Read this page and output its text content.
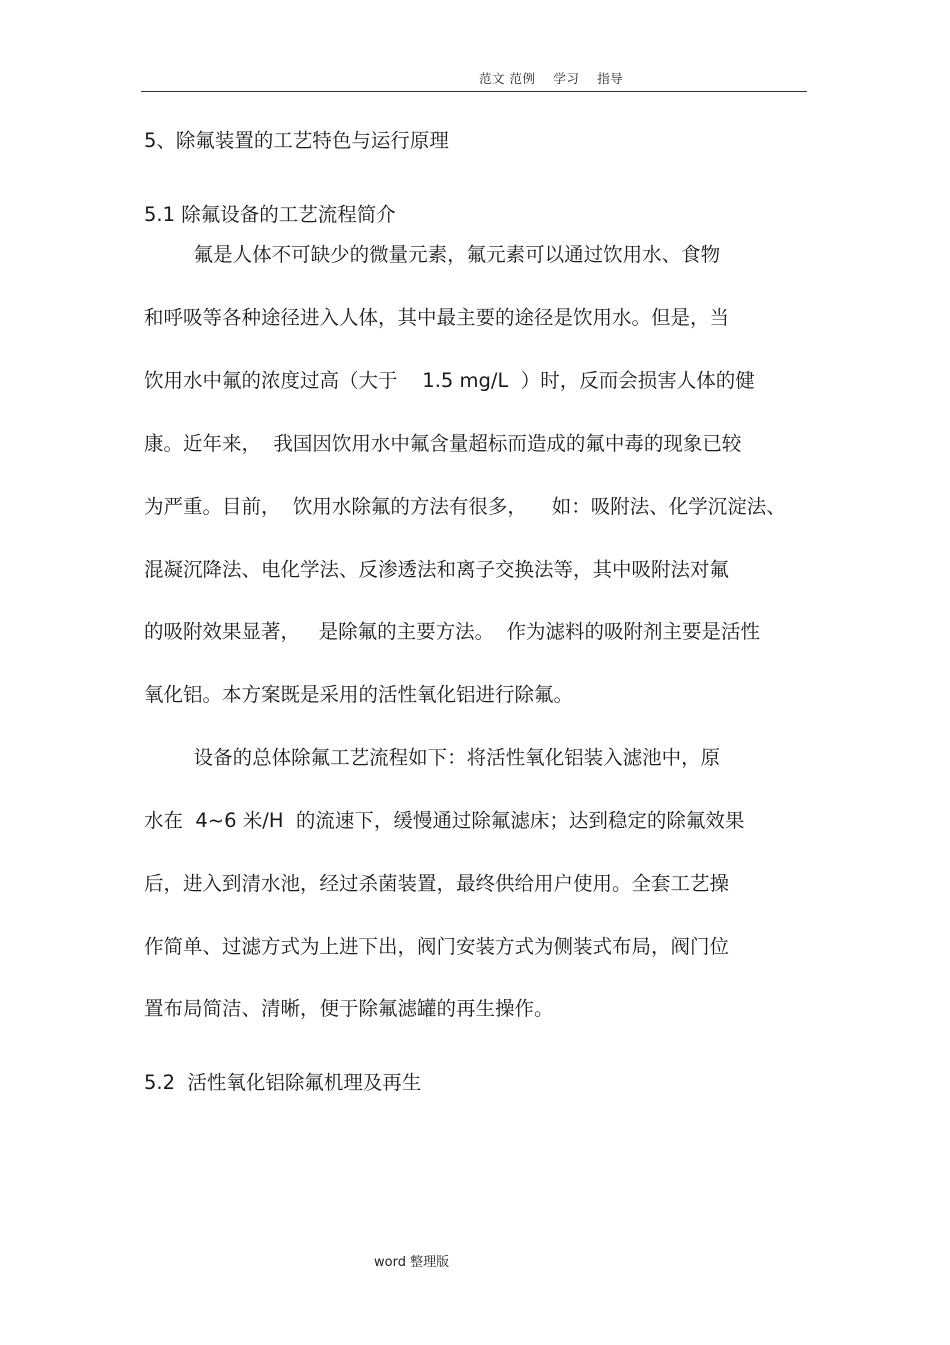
范文 范例    学习    指导
5、除氟装置的工艺特色与运行原理
5.1 除氟设备的工艺流程简介
氟是人体不可缺少的微量元素，氟元素可以通过饮用水、食物
和呼吸等各种途径进入人体，其中最主要的途径是饮用水。但是，当
饮用水中氟的浓度过高（大于    1.5 mg/L  ）时，反而会损害人体的健
康。近年来，  我国因饮用水中氟含量超标而造成的氟中毒的现象已较
为严重。目前，  饮用水除氟的方法有很多，    如：吸附法、化学沉淀法、
混凝沉降法、电化学法、反渗透法和离子交换法等，其中吸附法对氟
的吸附效果显著，   是除氟的主要方法。  作为滤料的吸附剂主要是活性
氧化铝。本方案既是采用的活性氧化铝进行除氟。
设备的总体除氟工艺流程如下：将活性氧化铝装入滤池中，原
水在  4~6 米/H  的流速下，缓慢通过除氟滤床；达到稳定的除氟效果
后，进入到清水池，经过杀菌装置，最终供给用户使用。全套工艺操
作简单、过滤方式为上进下出，阀门安装方式为侧装式布局，阀门位
置布局简洁、清晰，便于除氟滤罐的再生操作。
5.2  活性氧化铝除氟机理及再生
word 整理版
